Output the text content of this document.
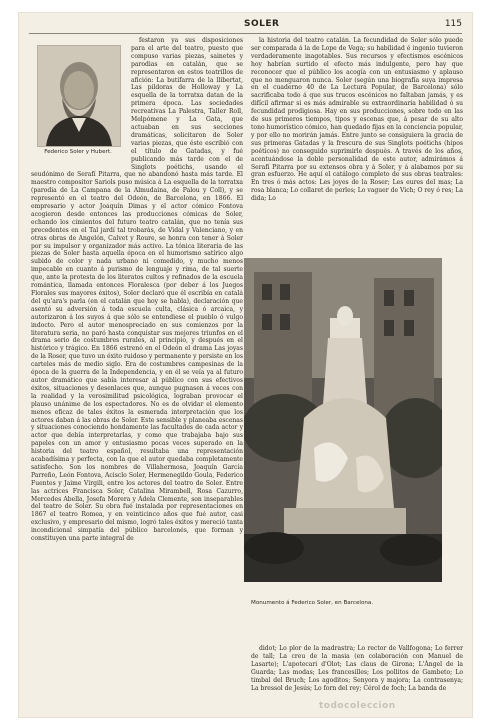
SOLER	115
Federico Soler y Hubert.

festaron ya sus disposiciones para el arte del teatro, puesto que compuso varias piezas, sainetes y parodias en catalán, que se representaron en estos teatrillos de afición: La butifarra de la llibertat, Las pildoras de Holloway y La esquella de la torratxa datan de la primera época. Las sociedades recreativas La Palestra, Taller Roll, Melpómene y La Gata, que actuaban en sus secciones dramáticas, solicitaron de Soler varias piezas, que éste escribió con el título de Gatadas, y fué publicando más tarde con el de Singlots poétichs, usando el seudónimo de Serafí Pitarra, que no abandonó hasta más tarde. El maestro compositor Sariols puso música á La esquella de la torratxa (parodia de La Campana de la Almudaina, de Palou y Coll), y se representó en el teatro del Odeón, de Barcelona, en 1866. El empresario y actor Joaquín Dimas y el actor cómico Fontova acogieron desde entonces las producciones cómicas de Soler, echando los cimientos del futuro teatro catalán, que no tenía sus precedentes en el Tal jardí tal trobaràs, de Vidal y Valenciano, y en otras obras de Angelón, Calvet y Roure, se honra con tener á Soler por su impulsor y organizador más activo. La tónica literaria de las piezas de Soler hasta aquella época en el humorismo satírico algo subido de color y nada urbano ni comedido, y mucho menos impecable en cuanto á purismo de lenguaje y rima, de tal suerte que, ante la protesta de los literatos cultos y refinados de la escuela romántica, llamada entonces Floralesca (por deber á los Juegos Florales sus mayores éxitos), Soler declaró que él escribía en catalá del qu'ara's parla (en el catalán que hoy se habla), declaración que asentó su adversión á toda escuela culta, clásica ó arcaica, y autorizaron á los suyos á que sólo se entendiese el pueblo ó vulgo indocto. Pero el autor menospreciado en sus comienzos por la literatura seria, no paró hasta conquistar sus mejores triunfos en el drama serio de costumbres rurales, al principio, y después en el histórico y trágico. En 1866 estrenó en el Odeón el drama Las joyas de la Roser, que tuvo un éxito ruidoso y permanente y persiste en los carteles más de medio siglo. Era de costumbres campesinas de la época de la guerra de la Independencia, y en él se veía ya al futuro autor dramático que sabía interesar al público con sus efectivos éxitos, situaciones y desenlaces que, aunque pugnasen á veces con la realidad y la verosimilitud psicológica, lograban provocar el plauso unánime de los espectadores. No es de olvidar el elemento menos eficaz de tales éxitos la esmerada interpretación que los actores daban á las obras de Soler. Este sensible y planeaba escenas y situaciones conociendo hondamente las facultades de cada actor y actor que debía interpretarlas, y como que trabajaba bajo sus papeles con un amor y entusiasmo pocas veces superado en la historia del teatro español, resultaba una representación acabadísima y perfecta, con la que el autor quedaba completamente satisfecho. Son los nombres de Villahermosa, Joaquín García Parreño, León Fontova, Acisclo Soler, Hermenegildo Goula, Federico Fuentes y Jaime Virgili, entre los actores del teatro de Soler. Entre las actrices Francisca Soler, Catalina Mirambell, Rosa Cazurro, Mercedes Abella, Josefa Morera y Adela Clemente, son inseparables del teatro de Soler. Su obra fué instalada por representaciones en 1867 el teatro Romea, y en veinticinco años que fué autor, casi exclusivo, y empresario del mismo, logró tales éxitos y mereció tanta incondicional simpatía del público barcelonés, que forman y constituyen una parte integral de

la historia del teatro catalán. La fecundidad de Soler sólo puede ser comparada á la de Lope de Vega; su habilidad é ingenio tuvieron verdaderamente inagotables. Sus recursos y efectismos escénicos hoy habrían surtido el efecto más indulgente, pero hay que reconocer que el público los acogía con un entusiasmo y aplauso que no menguaron nunca. Soler (según una biografía suya impresa en el cuaderno 40 de La Lectura Popular, de Barcelona) sólo sacrificaba todo á que sus trucos escénicos no faltaban jamás, y es difícil afirmar si es más admirable su extraordinaria habilidad ó su fecundidad prodigiosa. Hay en sus producciones, sobre todo en las de sus primeros tiempos, tipos y escenas que, á pesar de su alto tono humorístico cómico, han quedado fijas en la conciencia popular, y por ello no morirán jamás. Entre junto se consiguiera la gracia de sus primeras Gatadas y la frescura de sus Singlots poétichs (hipos poéticos) no conseguido suprimirle despuès. A través de los años, acentuándose la doble personalidad de este autor, admirámos á Serafí Pitarra por su extensos obra y á Soler, y á alabamos por su gran esfuerzo. He aquí el catálogo completo de sus obras teatrales: En tres ó más actos: Les joyes de la Roser; Les eures del mas; La rosa blanca; Lo collaret de perles; Lo vaguer de Vich; O rey ó res; La dida; Lo

didot; Lo plor de la madrastra; Lo rector de Vallfogona; Lo ferrer de tall; La creu de la masia (en colaboración con Manuel de Lasarte); L'apotecari d'Olot; Las claus de Girona; L'Àngel de la Guarda; Las modas; Les francesilles; Los pollitos de Gambeto; Lo timbal del Bruch; Los agoditos; Senyora y majora; La contrasenya; La bressol de Jesús; Lo forn del rey; Cérol de foch; La banda de

Monumento á Federico Soler, en Barcelona.
todocoleccion
